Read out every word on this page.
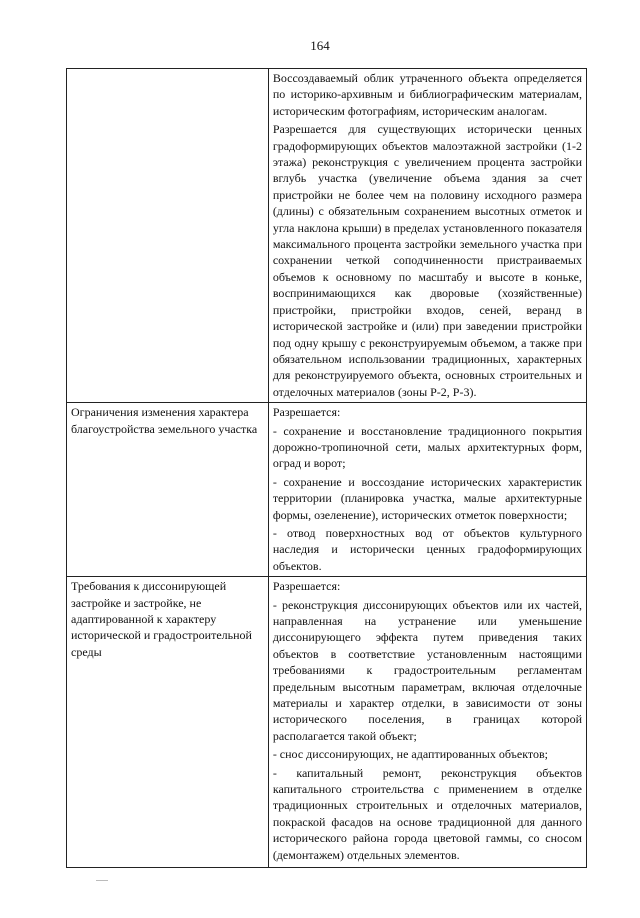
164

	Воссоздаваемый облик утраченного объекта определяется по историко-архивным и библиографическим материалам, историческим фотографиям, историческим аналогам.

Разрешается для существующих исторически ценных градоформирующих объектов малоэтажной застройки (1-2 этажа) реконструкция с увеличением процента застройки вглубь участка (увеличение объема здания за счет пристройки не более чем на половину исходного размера (длины) с обязательным сохранением высотных отметок и угла наклона крыши) в пределах установленного показателя максимального процента застройки земельного участка при сохранении четкой соподчиненности пристраиваемых объемов к основному по масштабу и высоте в коньке, воспринимающихся как дворовые (хозяйственные) пристройки, пристройки входов, сеней, веранд в исторической застройке и (или) при заведении пристройки под одну крышу с реконструируемым объемом, а также при обязательном использовании традиционных, характерных для реконструируемого объекта, основных строительных и отделочных материалов (зоны Р-2, Р-3).

Ограничения изменения характера благоустройства земельного участка	Разрешается:

- сохранение и восстановление традиционного покрытия дорожно-тропиночной сети, малых архитектурных форм, оград и ворот;

- сохранение и воссоздание исторических характеристик территории (планировка участка, малые архитектурные формы, озеленение), исторических отметок поверхности;

- отвод поверхностных вод от объектов культурного наследия и исторически ценных градоформирующих объектов.

Требования к диссонирующей застройке и застройке, не адаптированной к характеру исторической и градостроительной среды	Разрешается:

- реконструкция диссонирующих объектов или их частей, направленная на устранение или уменьшение диссонирующего эффекта путем приведения таких объектов в соответствие установленным настоящими требованиями к градостроительным регламентам предельным высотным параметрам, включая отделочные материалы и характер отделки, в зависимости от зоны исторического поселения, в границах которой располагается такой объект;

- снос диссонирующих, не адаптированных объектов;

- капитальный ремонт, реконструкция объектов капитального строительства с применением в отделке традиционных строительных и отделочных материалов, покраской фасадов на основе традиционной для данного исторического района города цветовой гаммы, со сносом (демонтажем) отдельных элементов.
